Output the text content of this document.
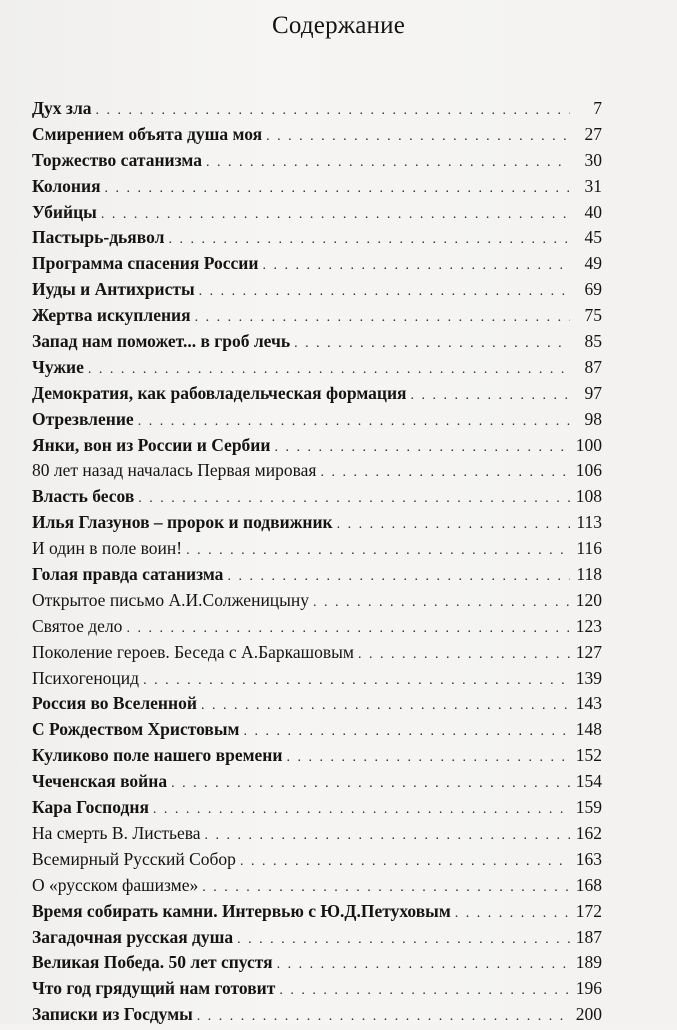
Содержание
Дух зла . . .	7
Смирением объята душа моя . . .	27
Торжество сатанизма . . .	30
Колония . . .	31
Убийцы . . .	40
Пастырь-дьявол . . .	45
Программа спасения России . . .	49
Иуды и Антихристы . . .	69
Жертва искупления . . .	75
Запад нам поможет... в гроб лечь . . .	85
Чужие . . .	87
Демократия, как рабовладельческая формация . . .	97
Отрезвление . . .	98
Янки, вон из России и Сербии . . .	100
80 лет назад началась Первая мировая . . .	106
Власть бесов . . .	108
Илья Глазунов – пророк и подвижник . . .	113
И один в поле воин! . . .	116
Голая правда сатанизма . . .	118
Открытое письмо А.И.Солженицыну . . .	120
Святое дело . . .	123
Поколение героев. Беседа с А.Баркашовым . . .	127
Психогеноцид . . .	139
Россия во Вселенной . . .	143
С Рождеством Христовым . . .	148
Куликово поле нашего времени . . .	152
Чеченская война . . .	154
Кара Господня . . .	159
На смерть В. Листьева . . .	162
Всемирный Русский Собор . . .	163
О «русском фашизме» . . .	168
Время собирать камни. Интервью с Ю.Д.Петуховым . . .	172
Загадочная русская душа . . .	187
Великая Победа. 50 лет спустя . . .	189
Что год грядущий нам готовит . . .	196
Записки из Госдумы . . .	200
